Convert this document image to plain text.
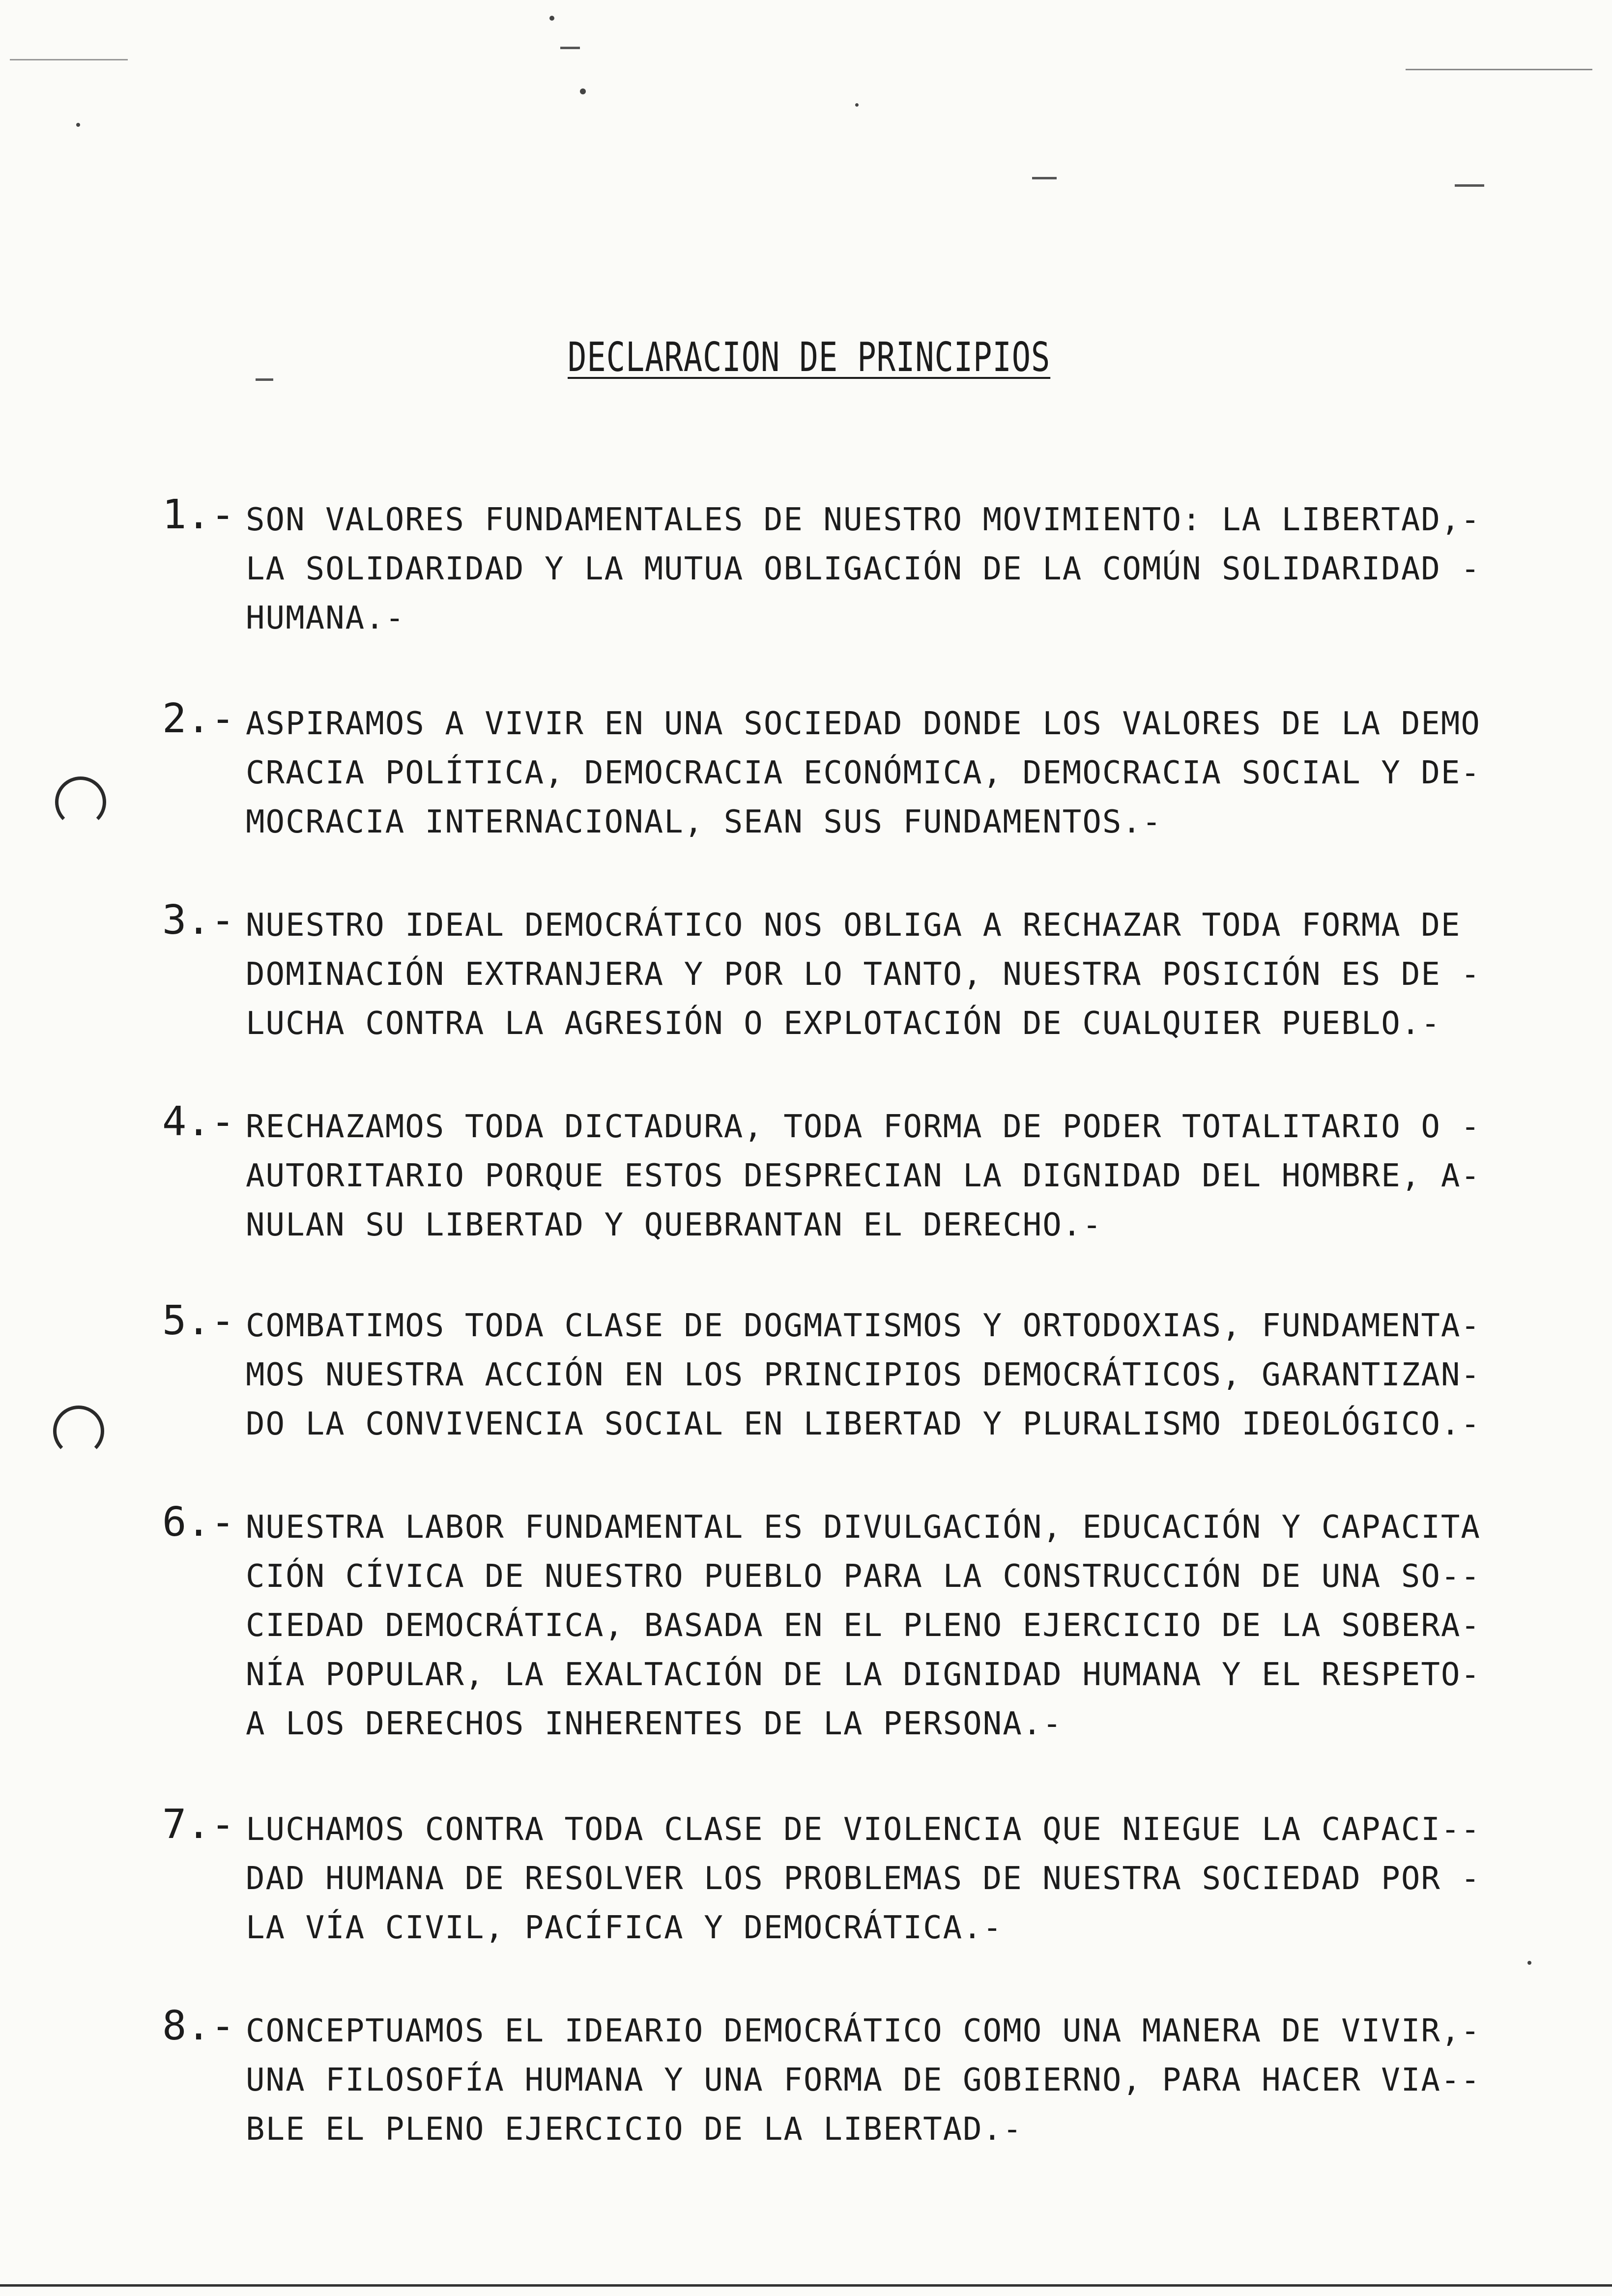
DECLARACION DE PRINCIPIOS
1.- SON VALORES FUNDAMENTALES DE NUESTRO MOVIMIENTO: LA LIBERTAD,-
LA SOLIDARIDAD Y LA MUTUA OBLIGACIÓN DE LA COMÚN SOLIDARIDAD -
HUMANA.-
2.- ASPIRAMOS A VIVIR EN UNA SOCIEDAD DONDE LOS VALORES DE LA DEMO
CRACIA POLÍTICA, DEMOCRACIA ECONÓMICA, DEMOCRACIA SOCIAL Y DE-
MOCRACIA INTERNACIONAL, SEAN SUS FUNDAMENTOS.-
3.- NUESTRO IDEAL DEMOCRÁTICO NOS OBLIGA A RECHAZAR TODA FORMA DE
DOMINACIÓN EXTRANJERA Y POR LO TANTO, NUESTRA POSICIÓN ES DE -
LUCHA CONTRA LA AGRESIÓN O EXPLOTACIÓN DE CUALQUIER PUEBLO.-
4.- RECHAZAMOS TODA DICTADURA, TODA FORMA DE PODER TOTALITARIO O -
AUTORITARIO PORQUE ESTOS DESPRECIAN LA DIGNIDAD DEL HOMBRE, A-
NULAN SU LIBERTAD Y QUEBRANTAN EL DERECHO.-
5.- COMBATIMOS TODA CLASE DE DOGMATISMOS Y ORTODOXIAS, FUNDAMENTA-
MOS NUESTRA ACCIÓN EN LOS PRINCIPIOS DEMOCRÁTICOS, GARANTIZAN-
DO LA CONVIVENCIA SOCIAL EN LIBERTAD Y PLURALISMO IDEOLÓGICO.-
6.- NUESTRA LABOR FUNDAMENTAL ES DIVULGACIÓN, EDUCACIÓN Y CAPACITA
CIÓN CÍVICA DE NUESTRO PUEBLO PARA LA CONSTRUCCIÓN DE UNA SO--
CIEDAD DEMOCRÁTICA, BASADA EN EL PLENO EJERCICIO DE LA SOBERA-
NÍA POPULAR, LA EXALTACIÓN DE LA DIGNIDAD HUMANA Y EL RESPETO-
A LOS DERECHOS INHERENTES DE LA PERSONA.-
7.- LUCHAMOS CONTRA TODA CLASE DE VIOLENCIA QUE NIEGUE LA CAPACI--
DAD HUMANA DE RESOLVER LOS PROBLEMAS DE NUESTRA SOCIEDAD POR -
LA VÍA CIVIL, PACÍFICA Y DEMOCRÁTICA.-
8.- CONCEPTUAMOS EL IDEARIO DEMOCRÁTICO COMO UNA MANERA DE VIVIR,-
UNA FILOSOFÍA HUMANA Y UNA FORMA DE GOBIERNO, PARA HACER VIA--
BLE EL PLENO EJERCICIO DE LA LIBERTAD.-
